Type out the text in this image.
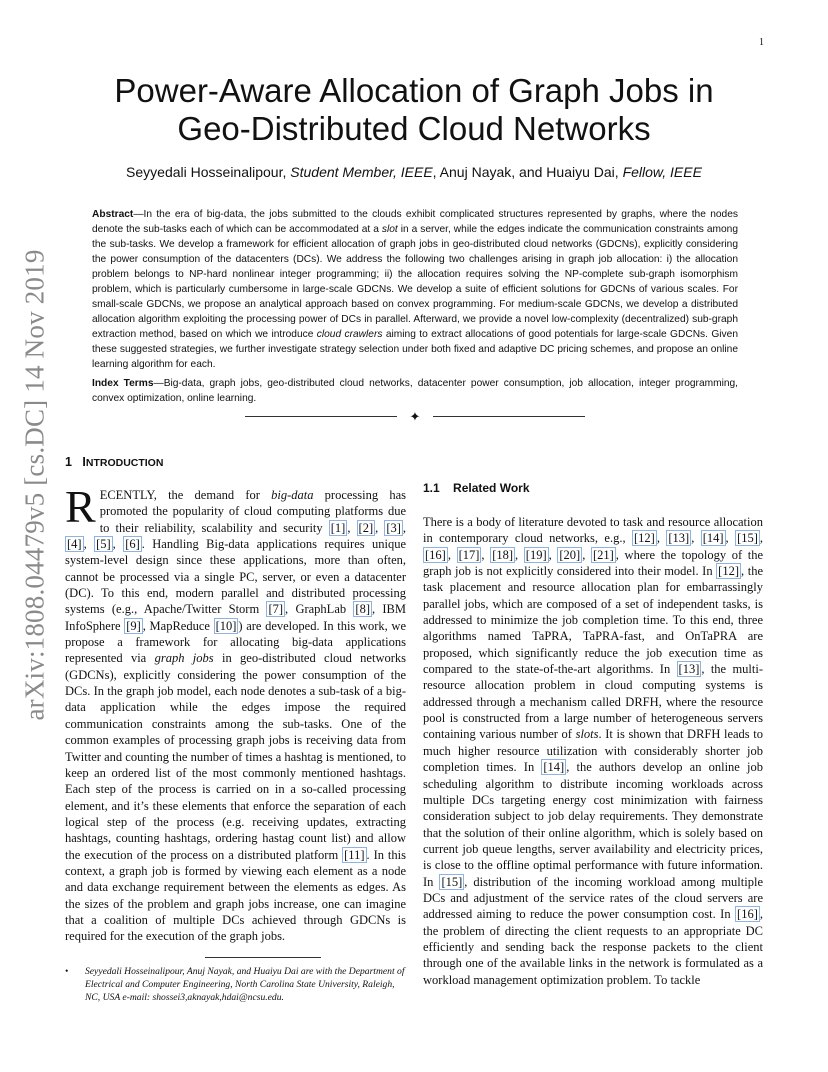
1
arXiv:1808.04479v5 [cs.DC] 14 Nov 2019
Power-Aware Allocation of Graph Jobs in
Geo-Distributed Cloud Networks
Seyyedali Hosseinalipour, Student Member, IEEE, Anuj Nayak, and Huaiyu Dai, Fellow, IEEE
Abstract—In the era of big-data, the jobs submitted to the clouds exhibit complicated structures represented by graphs, where the nodes denote the sub-tasks each of which can be accommodated at a slot in a server, while the edges indicate the communication constraints among the sub-tasks. We develop a framework for efficient allocation of graph jobs in geo-distributed cloud networks (GDCNs), explicitly considering the power consumption of the datacenters (DCs). We address the following two challenges arising in graph job allocation: i) the allocation problem belongs to NP-hard nonlinear integer programming; ii) the allocation requires solving the NP-complete sub-graph isomorphism problem, which is particularly cumbersome in large-scale GDCNs. We develop a suite of efficient solutions for GDCNs of various scales. For small-scale GDCNs, we propose an analytical approach based on convex programming. For medium-scale GDCNs, we develop a distributed allocation algorithm exploiting the processing power of DCs in parallel. Afterward, we provide a novel low-complexity (decentralized) sub-graph extraction method, based on which we introduce cloud crawlers aiming to extract allocations of good potentials for large-scale GDCNs. Given these suggested strategies, we further investigate strategy selection under both fixed and adaptive DC pricing schemes, and propose an online learning algorithm for each.
Index Terms—Big-data, graph jobs, geo-distributed cloud networks, datacenter power consumption, job allocation, integer programming, convex optimization, online learning.
✦
1 INTRODUCTION
1.1 Related Work

RECENTLY, the demand for big-data processing has promoted the popularity of cloud computing platforms due to their reliability, scalability and security [1] , [2] , [3] , [4] , [5] , [6] . Handling Big-data applications requires unique system-level design since these applications, more than often, cannot be processed via a single PC, server, or even a datacenter (DC). To this end, modern parallel and distributed processing systems (e.g., Apache/Twitter Storm [7] , GraphLab [8] , IBM InfoSphere [9] , MapReduce [10] ) are developed. In this work, we propose a framework for allocating big-data applications represented via graph jobs in geo-distributed cloud networks (GDCNs), explicitly considering the power consumption of the DCs. In the graph job model, each node denotes a sub-task of a big-data application while the edges impose the required communication constraints among the sub-tasks. One of the common examples of processing graph jobs is receiving data from Twitter and counting the number of times a hashtag is mentioned, to keep an ordered list of the most commonly mentioned hashtags. Each step of the process is carried on in a so-called processing element, and it’s these elements that enforce the separation of each logical step of the process (e.g. receiving updates, extracting hashtags, counting hashtags, ordering hastag count list) and allow the execution of the process on a distributed platform [11] . In this context, a graph job is formed by viewing each element as a node and data exchange requirement between the elements as edges. As the sizes of the problem and graph jobs increase, one can imagine that a coalition of multiple DCs achieved through GDCNs is required for the execution of the graph jobs.

There is a body of literature devoted to task and resource allocation in contemporary cloud networks, e.g., [12] , [13] , [14] , [15] , [16] , [17] , [18] , [19] , [20] , [21] , where the topology of the graph job is not explicitly considered into their model. In [12] , the task placement and resource allocation plan for embarrassingly parallel jobs, which are composed of a set of independent tasks, is addressed to minimize the job completion time. To this end, three algorithms named TaPRA, TaPRA-fast, and OnTaPRA are proposed, which significantly reduce the job execution time as compared to the state-of-the-art algorithms. In [13] , the multi-resource allocation problem in cloud computing systems is addressed through a mechanism called DRFH, where the resource pool is constructed from a large number of heterogeneous servers containing various number of slots. It is shown that DRFH leads to much higher resource utilization with considerably shorter job completion times. In [14] , the authors develop an online job scheduling algorithm to distribute incoming workloads across multiple DCs targeting energy cost minimization with fairness consideration subject to job delay requirements. They demonstrate that the solution of their online algorithm, which is solely based on current job queue lengths, server availability and electricity prices, is close to the offline optimal performance with future information. In [15] , distribution of the incoming workload among multiple DCs and adjustment of the service rates of the cloud servers are addressed aiming to reduce the power consumption cost. In [16] , the problem of directing the client requests to an appropriate DC efficiently and sending back the response packets to the client through one of the available links in the network is formulated as a workload management optimization problem. To tackle

• Seyyedali Hosseinalipour, Anuj Nayak, and Huaiyu Dai are with the Department of Electrical and Computer Engineering, North Carolina State University, Raleigh, NC, USA e-mail: shossei3,aknayak,hdai@ncsu.edu.
